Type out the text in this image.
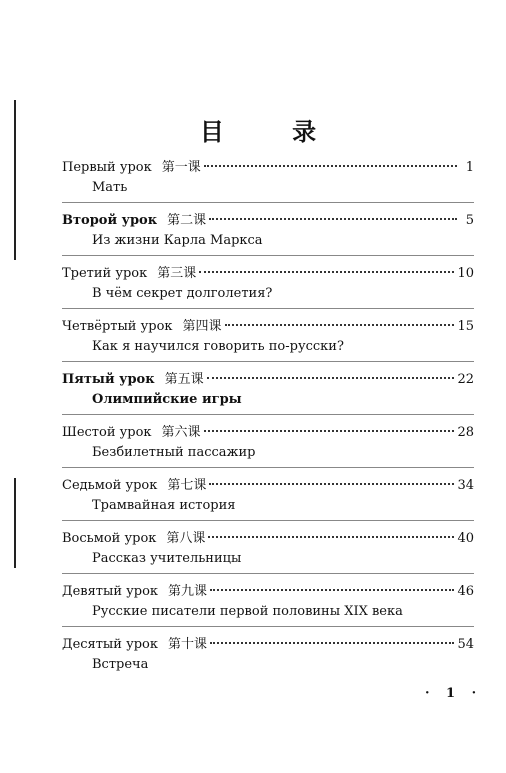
目 录
Первый урок 第一课	1
Мать
Второй урок 第二课	5
Из жизни Карла Маркса
Третий урок 第三课	10
В чём секрет долголетия?
Четвёртый урок 第四课	15
Как я научился говорить по-русски?
Пятый урок 第五课	22
Олимпийские игры
Шестой урок 第六课	28
Безбилетный пассажир
Седьмой урок 第七课	34
Трамвайная история
Восьмой урок 第八课	40
Рассказ учительницы
Девятый урок 第九课	46
Русские писатели первой половины XIX века
Десятый урок 第十课	54
Встреча
· 1 ·
